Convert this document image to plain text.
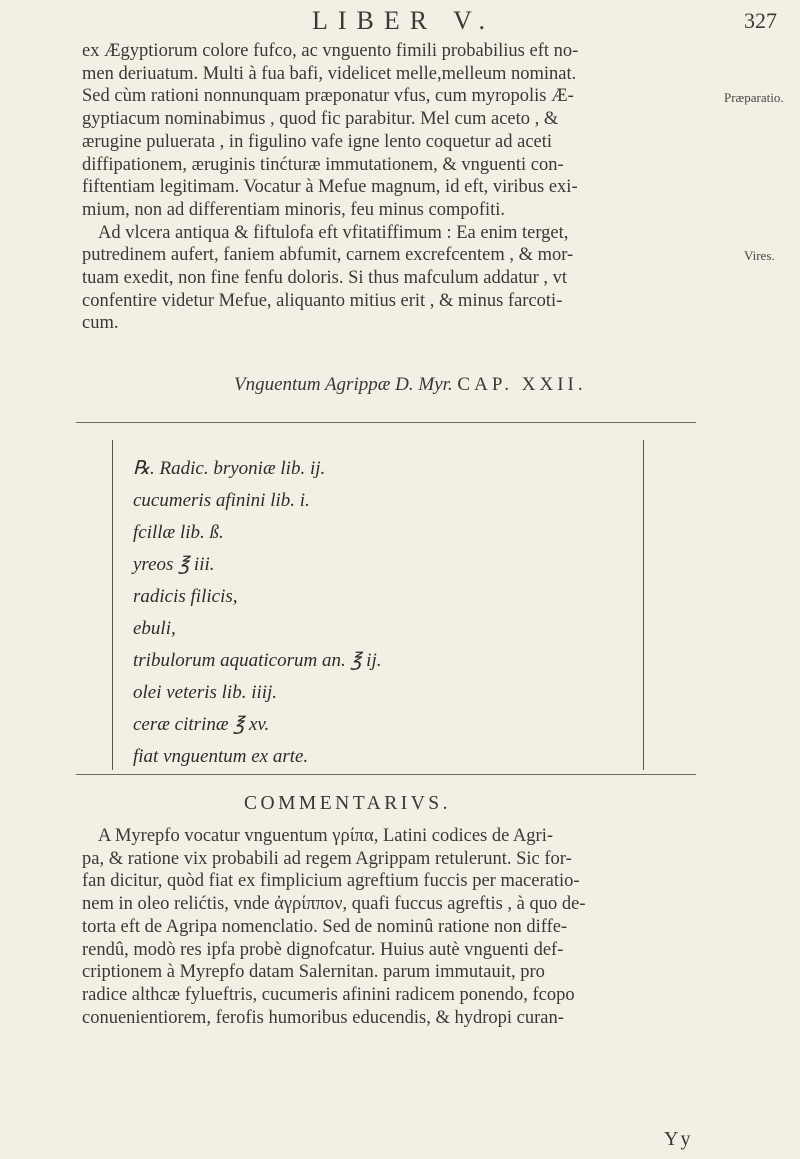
LIBER V.	327
ex Ægyptiorum colore fufco, ac vnguento fimili probabilius eft no-
men deriuatum. Multi à fua bafi, videlicet melle,melleum nominat.
Sed cùm rationi nonnunquam præponatur vfus, cum myropolis Æ-
gyptiacum nominabimus , quod fic parabitur. Mel cum aceto , &
ærugine puluerata , in figulino vafe igne lento coquetur ad aceti
diffipationem, æruginis tinćturæ immutationem, & vnguenti con-
fiftentiam legitimam. Vocatur à Mefue magnum, id eft, viribus exi-
mium, non ad differentiam minoris, feu minus compofiti.
Ad vlcera antiqua & fiftulofa eft vfitatiffimum : Ea enim terget,
putredinem aufert, faniem abfumit, carnem excrefcentem , & mor-
tuam exedit, non fine fenfu doloris. Si thus mafculum addatur , vt
confentire videtur Mefue, aliquanto mitius erit , & minus farcoti-
cum.
Præparatio.
Vires.
Vnguentum Agrippæ D. Myr. CAP. XXII.
℞. Radic. bryoniæ lib. ij.
cucumeris afinini lib. i.
fcillæ lib. ß.
yreos ℥ iii.
radicis filicis,
ebuli,
tribulorum aquaticorum an. ℥ ij.
olei veteris lib. iiij.
ceræ citrinæ ℥ xv.
fiat vnguentum ex arte.
COMMENTARIVS.
A Myrepfo vocatur vnguentum γρίπα, Latini codices de Agri-
pa, & ratione vix probabili ad regem Agrippam retulerunt. Sic for-
fan dicitur, quòd fiat ex fimplicium agreftium fuccis per maceratio-
nem in oleo relićtis, vnde ἀγρίππον, quafi fuccus agreftis , à quo de-
torta eft de Agripa nomenclatio. Sed de nominû ratione non diffe-
rendû, modò res ipfa probè dignofcatur. Huius autè vnguenti def-
criptionem à Myrepfo datam Salernitan. parum immutauit, pro
radice althcæ fylueftris, cucumeris afinini radicem ponendo, fcopo
conuenientiorem, ferofis humoribus educendis, & hydropi curan-
Yy
